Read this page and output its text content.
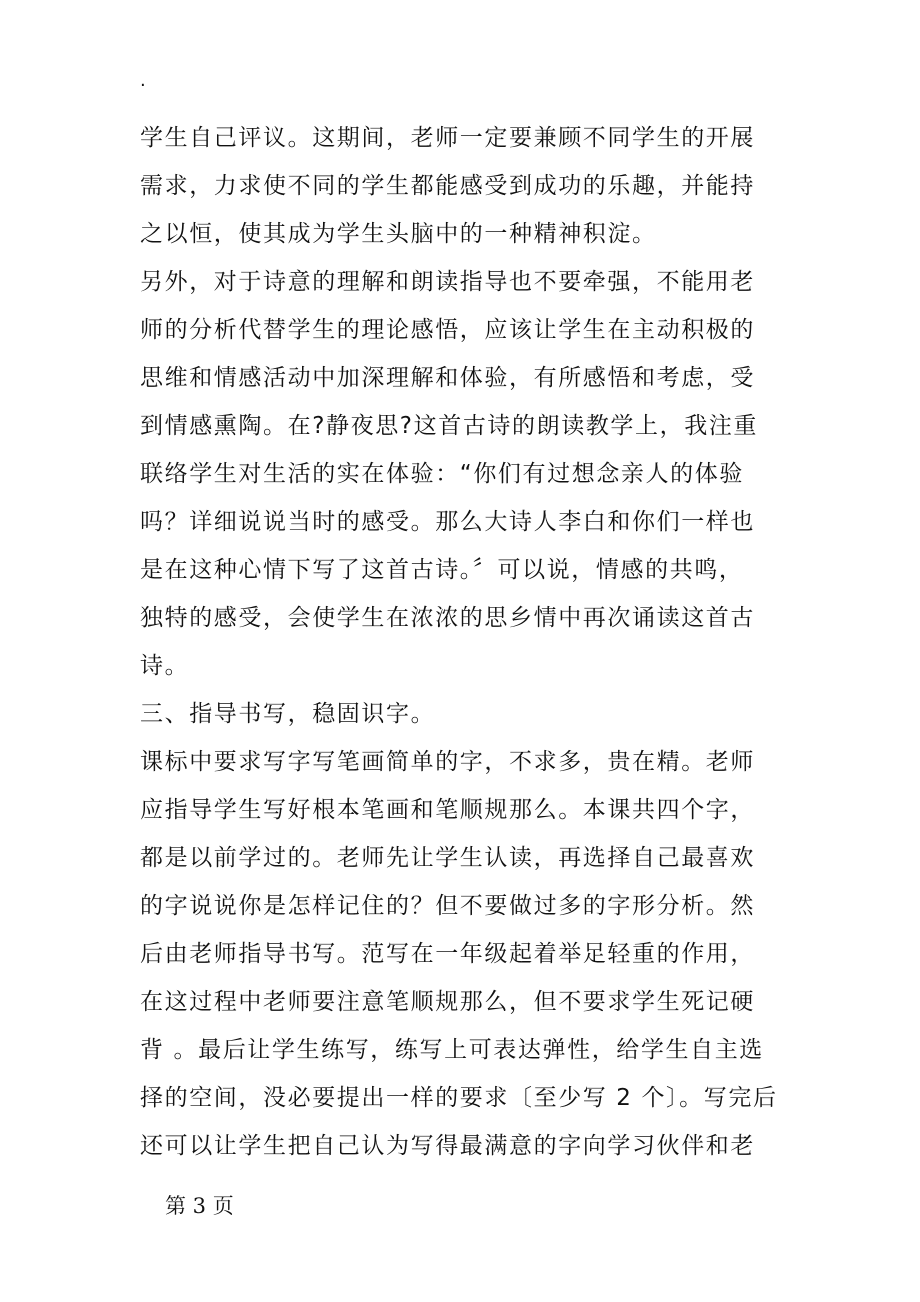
.
学生自己评议。这期间，老师一定要兼顾不同学生的开展
需求，力求使不同的学生都能感受到成功的乐趣，并能持
之以恒，使其成为学生头脑中的一种精神积淀。
另外，对于诗意的理解和朗读指导也不要牵强，不能用老
师的分析代替学生的理论感悟，应该让学生在主动积极的
思维和情感活动中加深理解和体验，有所感悟和考虑，受
到情感熏陶。在?静夜思?这首古诗的朗读教学上，我注重
联络学生对生活的实在体验：“你们有过想念亲人的体验
吗？详细说说当时的感受。那么大诗人李白和你们一样也
是在这种心情下写了这首古诗。〞可以说，情感的共鸣，
独特的感受，会使学生在浓浓的思乡情中再次诵读这首古
诗。
三、指导书写，稳固识字。
课标中要求写字写笔画简单的字，不求多，贵在精。老师
应指导学生写好根本笔画和笔顺规那么。本课共四个字，
都是以前学过的。老师先让学生认读，再选择自己最喜欢
的字说说你是怎样记住的？但不要做过多的字形分析。然
后由老师指导书写。范写在一年级起着举足轻重的作用，
在这过程中老师要注意笔顺规那么，但不要求学生死记硬
背 。最后让学生练写，练写上可表达弹性，给学生自主选
择的空间，没必要提出一样的要求〔至少写 2 个〕。写完后
还可以让学生把自己认为写得最满意的字向学习伙伴和老
第 3 页
